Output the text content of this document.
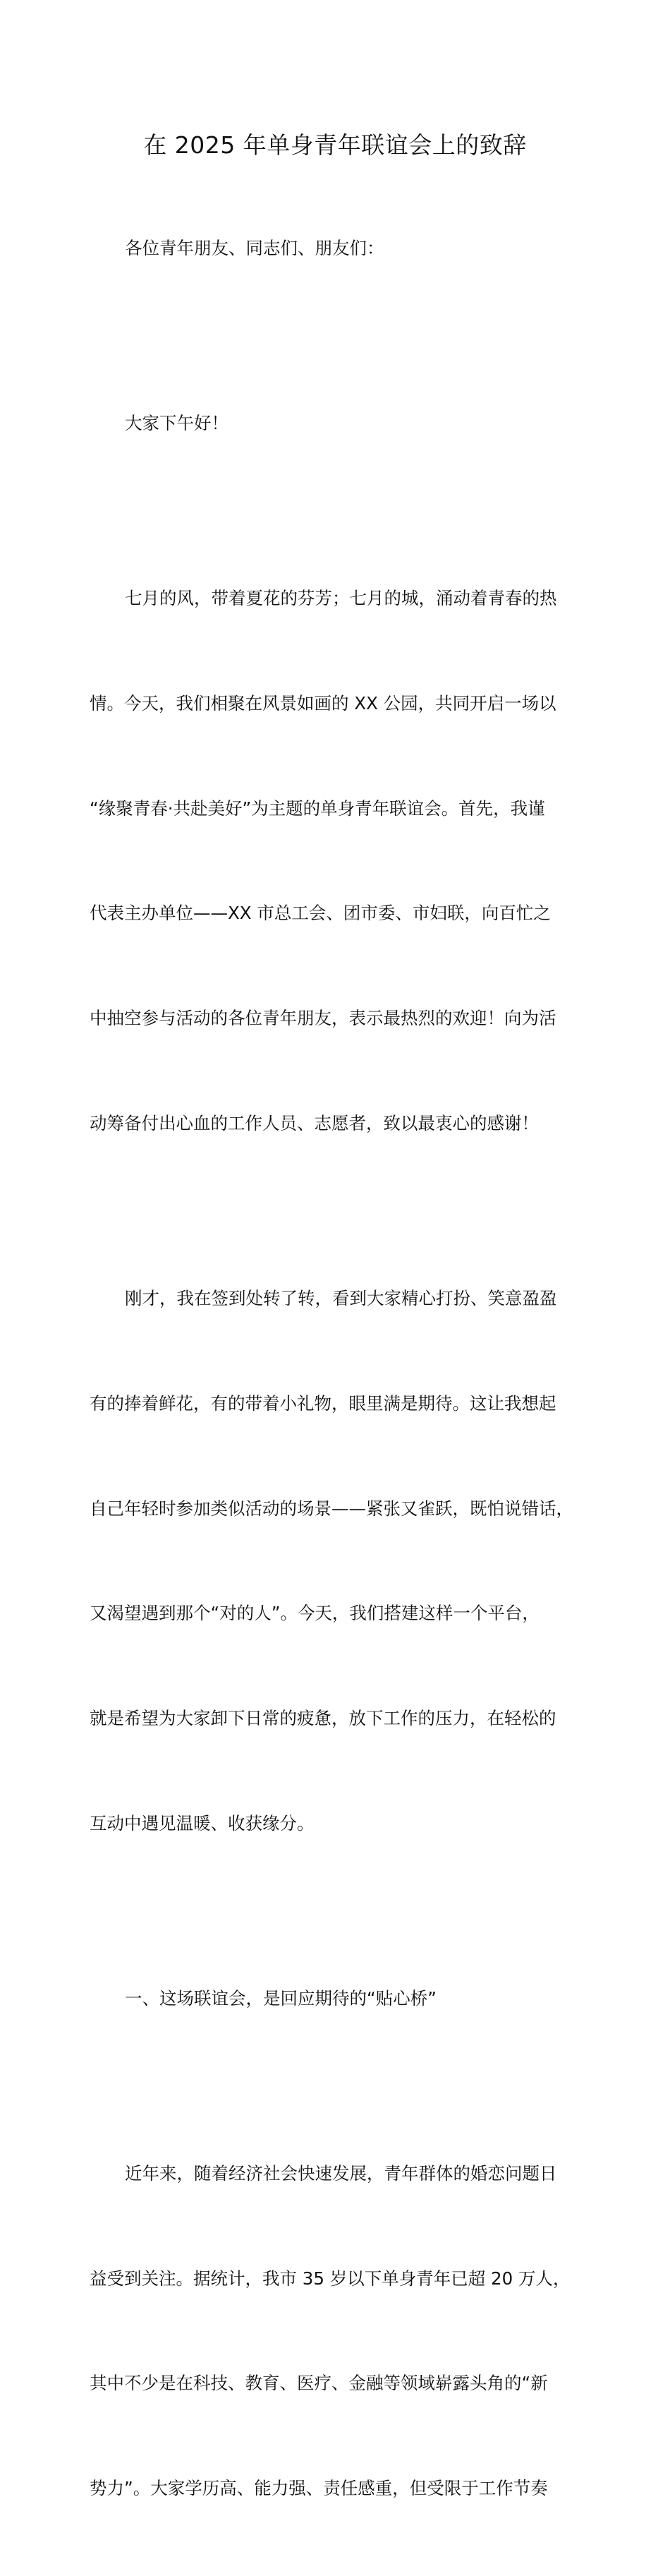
在 2025 年单身青年联谊会上的致辞

各位青年朋友、同志们、朋友们：

大家下午好！

七月的风，带着夏花的芬芳；七月的城，涌动着青春的热

情。今天，我们相聚在风景如画的 XX 公园，共同开启一场以

“缘聚青春·共赴美好”为主题的单身青年联谊会。首先，我谨

代表主办单位——XX 市总工会、团市委、市妇联，向百忙之

中抽空参与活动的各位青年朋友，表示最热烈的欢迎！向为活

动筹备付出心血的工作人员、志愿者，致以最衷心的感谢！

刚才，我在签到处转了转，看到大家精心打扮、笑意盈盈

有的捧着鲜花，有的带着小礼物，眼里满是期待。这让我想起

自己年轻时参加类似活动的场景——紧张又雀跃，既怕说错话，

又渴望遇到那个“对的人”。今天，我们搭建这样一个平台，

就是希望为大家卸下日常的疲惫，放下工作的压力，在轻松的

互动中遇见温暖、收获缘分。

一、这场联谊会，是回应期待的“贴心桥”

近年来，随着经济社会快速发展，青年群体的婚恋问题日

益受到关注。据统计，我市 35 岁以下单身青年已超 20 万人，

其中不少是在科技、教育、医疗、金融等领域崭露头角的“新

势力”。大家学历高、能力强、责任感重，但受限于工作节奏
